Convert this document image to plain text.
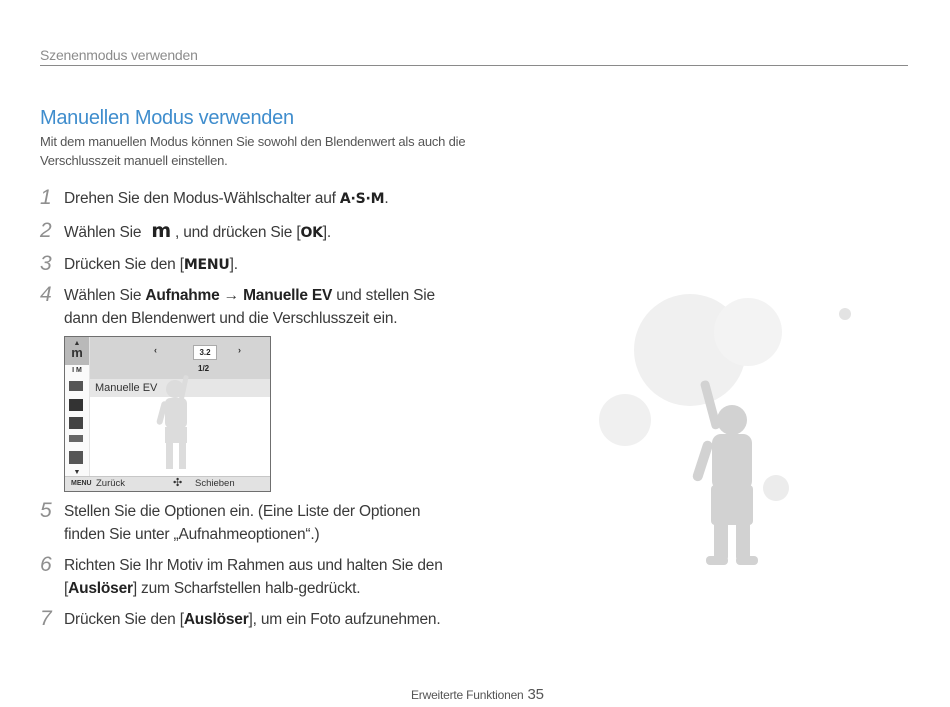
Szenenmodus verwenden
Manuellen Modus verwenden
Mit dem manuellen Modus können Sie sowohl den Blendenwert als auch die Verschlusszeit manuell einstellen.
1 Drehen Sie den Modus-Wählschalter auf A·S·M.
2 Wählen Sie m , und drücken Sie [OK].
3 Drücken Sie den [MENU].
4 Wählen Sie Aufnahme → Manuelle EV und stellen Sie dann den Blendenwert und die Verschlusszeit ein.
▲
m
I M
▼
‹	3.2	›
1/2
Manuelle EV
MENU Zurück	✣ Schieben
5 Stellen Sie die Optionen ein. (Eine Liste der Optionen finden Sie unter „Aufnahmeoptionen“.)
6 Richten Sie Ihr Motiv im Rahmen aus und halten Sie den [Auslöser] zum Scharfstellen halb-gedrückt.
7 Drücken Sie den [Auslöser], um ein Foto aufzunehmen.
Erweiterte Funktionen 35
